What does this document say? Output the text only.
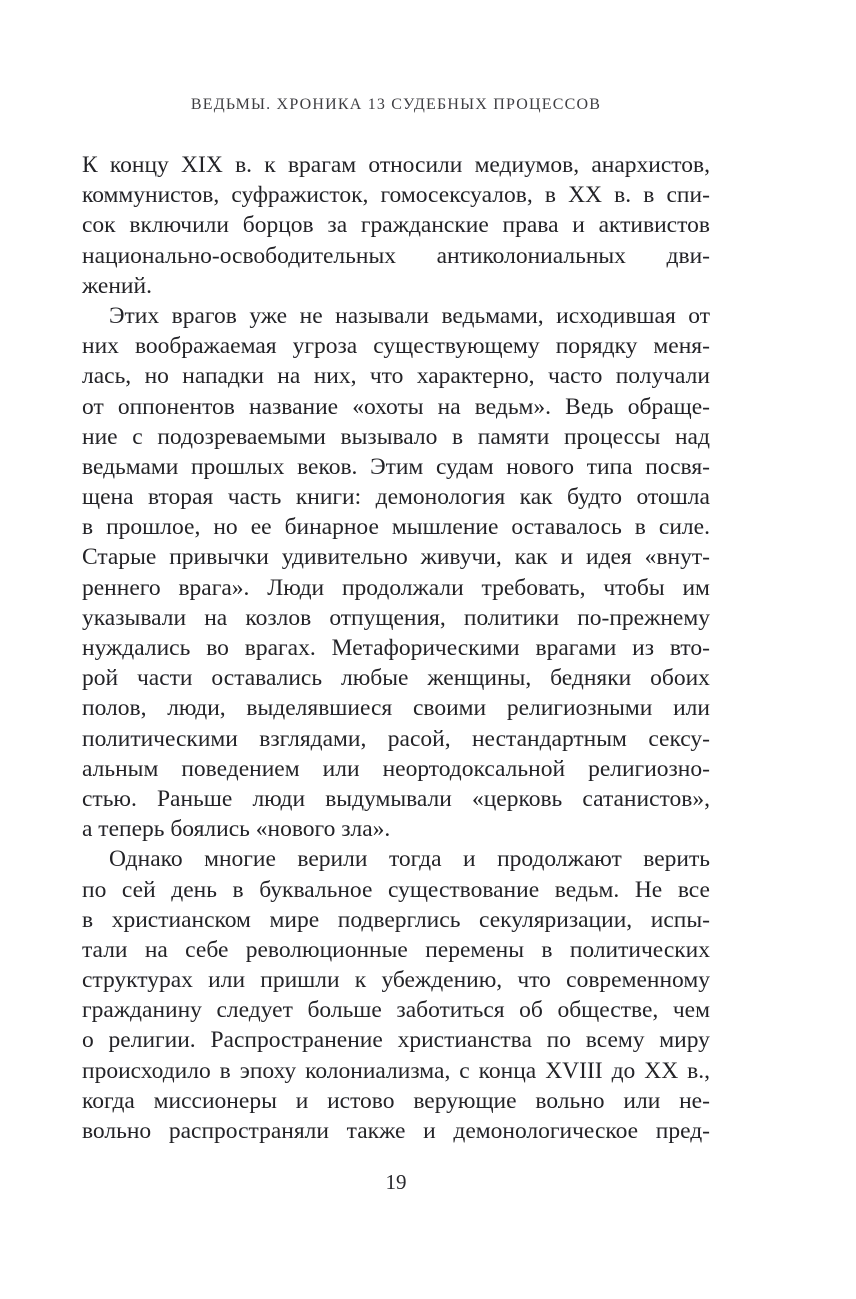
ВЕДЬМЫ. ХРОНИКА 13 СУДЕБНЫХ ПРОЦЕССОВ
К концу XIX в. к врагам относили медиумов, анархистов,
коммунистов, суфражисток, гомосексуалов, в XX в. в спи-
сок включили борцов за гражданские права и активистов
национально-освободительных антиколониальных дви-
жений.
Этих врагов уже не называли ведьмами, исходившая от
них воображаемая угроза существующему порядку меня-
лась, но нападки на них, что характерно, часто получали
от оппонентов название «охоты на ведьм». Ведь обраще-
ние с подозреваемыми вызывало в памяти процессы над
ведьмами прошлых веков. Этим судам нового типа посвя-
щена вторая часть книги: демонология как будто отошла
в прошлое, но ее бинарное мышление оставалось в силе.
Старые привычки удивительно живучи, как и идея «внут-
реннего врага». Люди продолжали требовать, чтобы им
указывали на козлов отпущения, политики по-прежнему
нуждались во врагах. Метафорическими врагами из вто-
рой части оставались любые женщины, бедняки обоих
полов, люди, выделявшиеся своими религиозными или
политическими взглядами, расой, нестандартным сексу-
альным поведением или неортодоксальной религиозно-
стью. Раньше люди выдумывали «церковь сатанистов»,
а теперь боялись «нового зла».
Однако многие верили тогда и продолжают верить
по сей день в буквальное существование ведьм. Не все
в христианском мире подверглись секуляризации, испы-
тали на себе революционные перемены в политических
структурах или пришли к убеждению, что современному
гражданину следует больше заботиться об обществе, чем
о религии. Распространение христианства по всему миру
происходило в эпоху колониализма, с конца XVIII до XX в.,
когда миссионеры и истово верующие вольно или не-
вольно распространяли также и демонологическое пред-
19
